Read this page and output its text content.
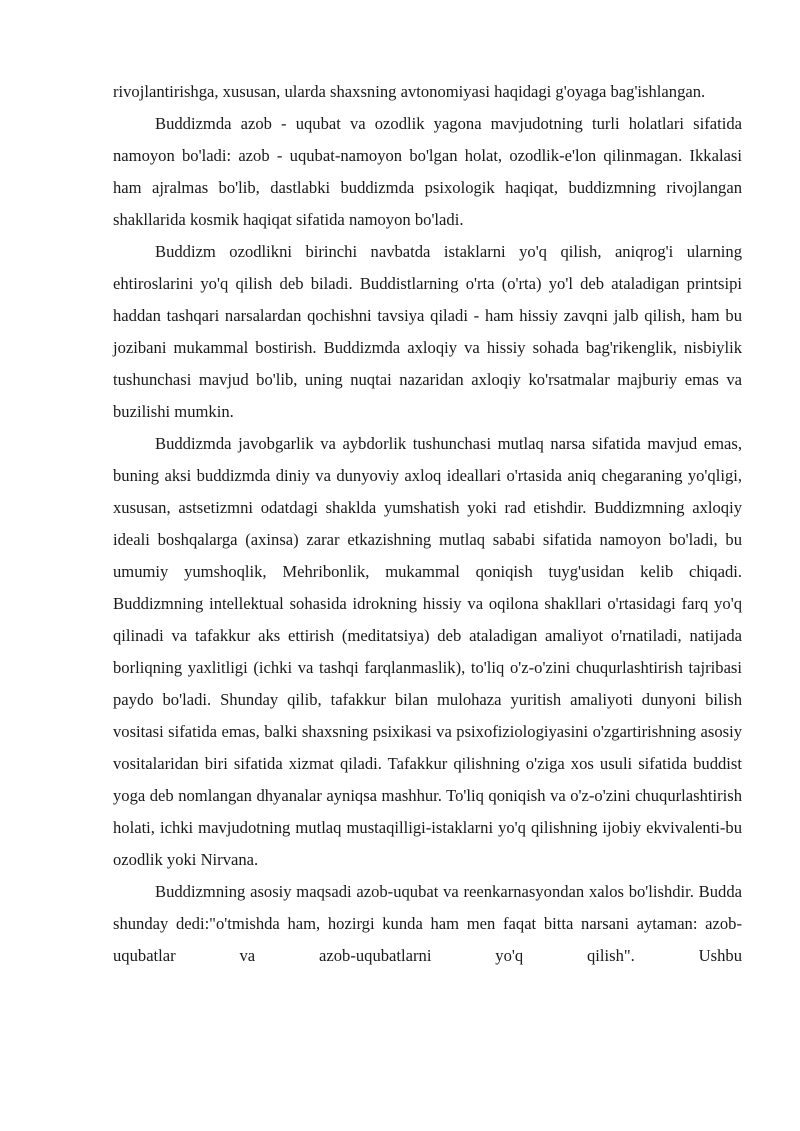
rivojlantirishga, xususan, ularda shaxsning avtonomiyasi haqidagi g'oyaga bag'ishlangan.

Buddizmda azob - uqubat va ozodlik yagona mavjudotning turli holatlari sifatida namoyon bo'ladi: azob - uqubat-namoyon bo'lgan holat, ozodlik-e'lon qilinmagan. Ikkalasi ham ajralmas bo'lib, dastlabki buddizmda psixologik haqiqat, buddizmning rivojlangan shakllarida kosmik haqiqat sifatida namoyon bo'ladi.

Buddizm ozodlikni birinchi navbatda istaklarni yo'q qilish, aniqrog'i ularning ehtiroslarini yo'q qilish deb biladi. Buddistlarning o'rta (o'rta) yo'l deb ataladigan printsipi haddan tashqari narsalardan qochishni tavsiya qiladi - ham hissiy zavqni jalb qilish, ham bu jozibani mukammal bostirish. Buddizmda axloqiy va hissiy sohada bag'rikenglik, nisbiylik tushunchasi mavjud bo'lib, uning nuqtai nazaridan axloqiy ko'rsatmalar majburiy emas va buzilishi mumkin.

Buddizmda javobgarlik va aybdorlik tushunchasi mutlaq narsa sifatida mavjud emas, buning aksi buddizmda diniy va dunyoviy axloq ideallari o'rtasida aniq chegaraning yo'qligi, xususan, astsetizmni odatdagi shaklda yumshatish yoki rad etishdir. Buddizmning axloqiy ideali boshqalarga (axinsa) zarar etkazishning mutlaq sababi sifatida namoyon bo'ladi, bu umumiy yumshoqlik, Mehribonlik, mukammal qoniqish tuyg'usidan kelib chiqadi. Buddizmning intellektual sohasida idrokning hissiy va oqilona shakllari o'rtasidagi farq yo'q qilinadi va tafakkur aks ettirish (meditatsiya) deb ataladigan amaliyot o'rnatiladi, natijada borliqning yaxlitligi (ichki va tashqi farqlanmaslik), to'liq o'z-o'zini chuqurlashtirish tajribasi paydo bo'ladi. Shunday qilib, tafakkur bilan mulohaza yuritish amaliyoti dunyoni bilish vositasi sifatida emas, balki shaxsning psixikasi va psixofiziologiyasini o'zgartirishning asosiy vositalaridan biri sifatida xizmat qiladi. Tafakkur qilishning o'ziga xos usuli sifatida buddist yoga deb nomlangan dhyanalar ayniqsa mashhur. To'liq qoniqish va o'z-o'zini chuqurlashtirish holati, ichki mavjudotning mutlaq mustaqilligi-istaklarni yo'q qilishning ijobiy ekvivalenti-bu ozodlik yoki Nirvana.

Buddizmning asosiy maqsadi azob-uqubat va reenkarnasyondan xalos bo'lishdir. Budda shunday dedi:"o'tmishda ham, hozirgi kunda ham men faqat bitta narsani aytaman: azob-uqubatlar va azob-uqubatlarni yo'q qilish". Ushbu
